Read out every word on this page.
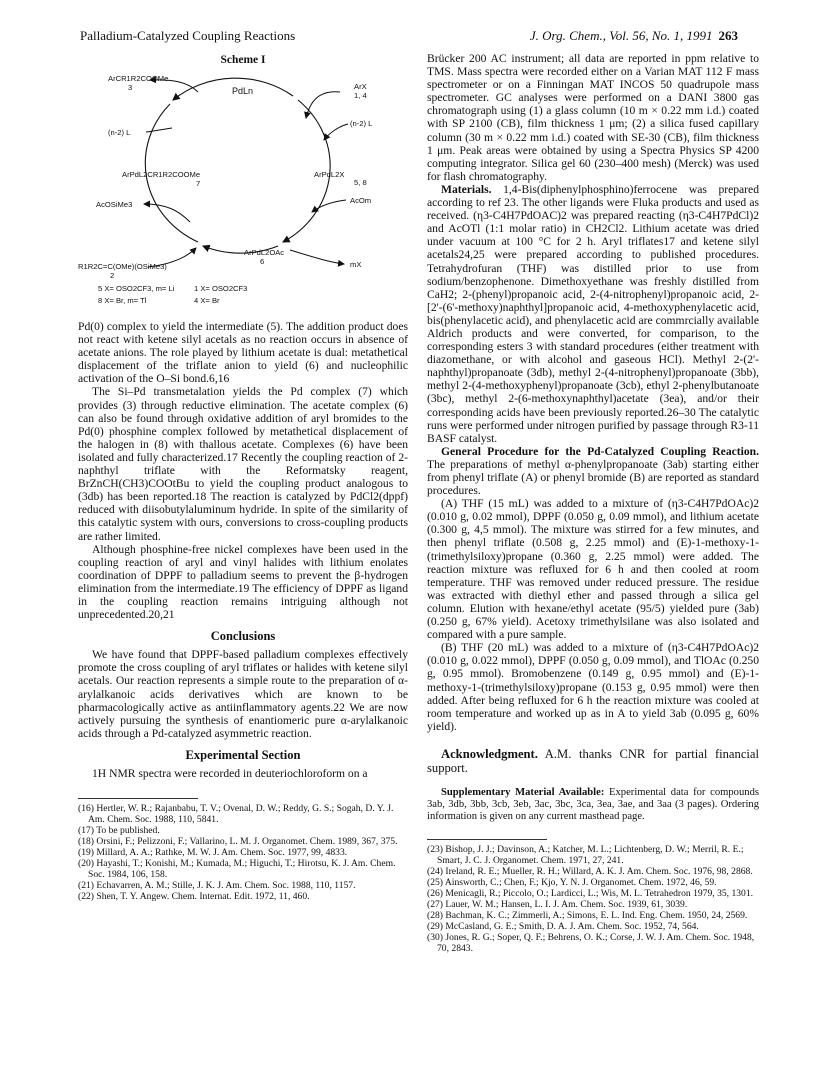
Palladium-Catalyzed Coupling Reactions	J. Org. Chem., Vol. 56, No. 1, 1991 263
Scheme I
ArCR1R2COOMe
3	PdLn	ArX
1, 4
(n-2) L
(n-2) L
ArPdL2CR1R2COOMe
7
ArPdL2X
5, 8
AcOSiMe3	AcOm
R1R2C=C(OMe)(OSiMe3)
2
ArPdL2OAc
6	mX
5 X= OSO2CF3, m= Li	1 X= OSO2CF3
8 X= Br, m= Tl	4 X= Br

Pd(0) complex to yield the intermediate (5). The addition product does not react with ketene silyl acetals as no reaction occurs in absence of acetate anions. The role played by lithium acetate is dual: metathetical displacement of the triflate anion to yield (6) and nucleophilic activation of the O–Si bond.6,16

The Si–Pd transmetalation yields the Pd complex (7) which provides (3) through reductive elimination. The acetate complex (6) can also be found through oxidative addition of aryl bromides to the Pd(0) phosphine complex followed by metathetical displacement of the halogen in (8) with thallous acetate. Complexes (6) have been isolated and fully characterized.17 Recently the coupling reaction of 2-naphthyl triflate with the Reformatsky reagent, BrZnCH(CH3)COOtBu to yield the coupling product analogous to (3db) has been reported.18 The reaction is catalyzed by PdCl2(dppf) reduced with diisobutylaluminum hydride. In spite of the similarity of this catalytic system with ours, conversions to cross-coupling products are rather limited.

Although phosphine-free nickel complexes have been used in the coupling reaction of aryl and vinyl halides with lithium enolates coordination of DPPF to palladium seems to prevent the β-hydrogen elimination from the intermediate.19 The efficiency of DPPF as ligand in the coupling reaction remains intriguing although not unprecedented.20,21

Conclusions

We have found that DPPF-based palladium complexes effectively promote the cross coupling of aryl triflates or halides with ketene silyl acetals. Our reaction represents a simple route to the preparation of α-arylalkanoic acids derivatives which are known to be pharmacologically active as antiinflammatory agents.22 We are now actively pursuing the synthesis of enantiomeric pure α-arylalkanoic acids through a Pd-catalyzed asymmetric reaction.

Experimental Section

1H NMR spectra were recorded in deuteriochloroform on a

(16) Hertler, W. R.; Rajanbabu, T. V.; Ovenal, D. W.; Reddy, G. S.; Sogah, D. Y. J. Am. Chem. Soc. 1988, 110, 5841.
(17) To be published.
(18) Orsini, F.; Pelizzoni, F.; Vallarino, L. M. J. Organomet. Chem. 1989, 367, 375.
(19) Millard, A. A.; Rathke, M. W. J. Am. Chem. Soc. 1977, 99, 4833.
(20) Hayashi, T.; Konishi, M.; Kumada, M.; Higuchi, T.; Hirotsu, K. J. Am. Chem. Soc. 1984, 106, 158.
(21) Echavarren, A. M.; Stille, J. K. J. Am. Chem. Soc. 1988, 110, 1157.
(22) Shen, T. Y. Angew. Chem. Internat. Edit. 1972, 11, 460.

Brücker 200 AC instrument; all data are reported in ppm relative to TMS. Mass spectra were recorded either on a Varian MAT 112 F mass spectrometer or on a Finningan MAT INCOS 50 quadrupole mass spectrometer. GC analyses were performed on a DANI 3800 gas chromatograph using (1) a glass column (10 m × 0.22 mm i.d.) coated with SP 2100 (CB), film thickness 1 μm; (2) a silica fused capillary column (30 m × 0.22 mm i.d.) coated with SE-30 (CB), film thickness 1 μm. Peak areas were obtained by using a Spectra Physics SP 4200 computing integrator. Silica gel 60 (230–400 mesh) (Merck) was used for flash chromatography.

Materials. 1,4-Bis(diphenylphosphino)ferrocene was prepared according to ref 23. The other ligands were Fluka products and used as received. (η3-C4H7PdOAC)2 was prepared reacting (η3-C4H7PdCl)2 and AcOTl (1:1 molar ratio) in CH2Cl2. Lithium acetate was dried under vacuum at 100 °C for 2 h. Aryl triflates17 and ketene silyl acetals24,25 were prepared according to published procedures. Tetrahydrofuran (THF) was distilled prior to use from sodium/benzophenone. Dimethoxyethane was freshly distilled from CaH2; 2-(phenyl)propanoic acid, 2-(4-nitrophenyl)propanoic acid, 2-[2'-(6'-methoxy)naphthyl]propanoic acid, 4-methoxyphenylacetic acid, bis(phenylacetic acid), and phenylacetic acid are commrcially available Aldrich products and were converted, for comparison, to the corresponding esters 3 with standard procedures (either treatment with diazomethane, or with alcohol and gaseous HCl). Methyl 2-(2'-naphthyl)propanoate (3db), methyl 2-(4-nitrophenyl)propanoate (3bb), methyl 2-(4-methoxyphenyl)propanoate (3cb), ethyl 2-phenylbutanoate (3bc), methyl 2-(6-methoxynaphthyl)acetate (3ea), and/or their corresponding acids have been previously reported.26–30 The catalytic runs were performed under nitrogen purified by passage through R3-11 BASF catalyst.

General Procedure for the Pd-Catalyzed Coupling Reaction. The preparations of methyl α-phenylpropanoate (3ab) starting either from phenyl triflate (A) or phenyl bromide (B) are reported as standard procedures.

(A) THF (15 mL) was added to a mixture of (η3-C4H7PdOAc)2 (0.010 g, 0.02 mmol), DPPF (0.050 g, 0.09 mmol), and lithium acetate (0.300 g, 4,5 mmol). The mixture was stirred for a few minutes, and then phenyl triflate (0.508 g, 2.25 mmol) and (E)-1-methoxy-1-(trimethylsiloxy)propane (0.360 g, 2.25 mmol) were added. The reaction mixture was refluxed for 6 h and then cooled at room temperature. THF was removed under reduced pressure. The residue was extracted with diethyl ether and passed through a silica gel column. Elution with hexane/ethyl acetate (95/5) yielded pure (3ab) (0.250 g, 67% yield). Acetoxy trimethylsilane was also isolated and compared with a pure sample.

(B) THF (20 mL) was added to a mixture of (η3-C4H7PdOAc)2 (0.010 g, 0.022 mmol), DPPF (0.050 g, 0.09 mmol), and TlOAc (0.250 g, 0.95 mmol). Bromobenzene (0.149 g, 0.95 mmol) and (E)-1-methoxy-1-(trimethylsiloxy)propane (0.153 g, 0.95 mmol) were then added. After being refluxed for 6 h the reaction mixture was cooled at room temperature and worked up as in A to yield 3ab (0.095 g, 60% yield).

Acknowledgment. A.M. thanks CNR for partial financial support.

Supplementary Material Available: Experimental data for compounds 3ab, 3db, 3bb, 3cb, 3eb, 3ac, 3bc, 3ca, 3ea, 3ae, and 3aa (3 pages). Ordering information is given on any current masthead page.

(23) Bishop, J. J.; Davinson, A.; Katcher, M. L.; Lichtenberg, D. W.; Merril, R. E.; Smart, J. C. J. Organomet. Chem. 1971, 27, 241.
(24) Ireland, R. E.; Mueller, R. H.; Willard, A. K. J. Am. Chem. Soc. 1976, 98, 2868.
(25) Ainsworth, C.; Chen, F.; Kjo, Y. N. J. Organomet. Chem. 1972, 46, 59.
(26) Menicagli, R.; Piccolo, O.; Lardicci, L.; Wis, M. L. Tetrahedron 1979, 35, 1301.
(27) Lauer, W. M.; Hansen, L. I. J. Am. Chem. Soc. 1939, 61, 3039.
(28) Bachman, K. C.; Zimmerli, A.; Simons, E. L. Ind. Eng. Chem. 1950, 24, 2569.
(29) McCasland, G. E.; Smith, D. A. J. Am. Chem. Soc. 1952, 74, 564.
(30) Jones, R. G.; Soper, Q. F.; Behrens, O. K.; Corse, J. W. J. Am. Chem. Soc. 1948, 70, 2843.
